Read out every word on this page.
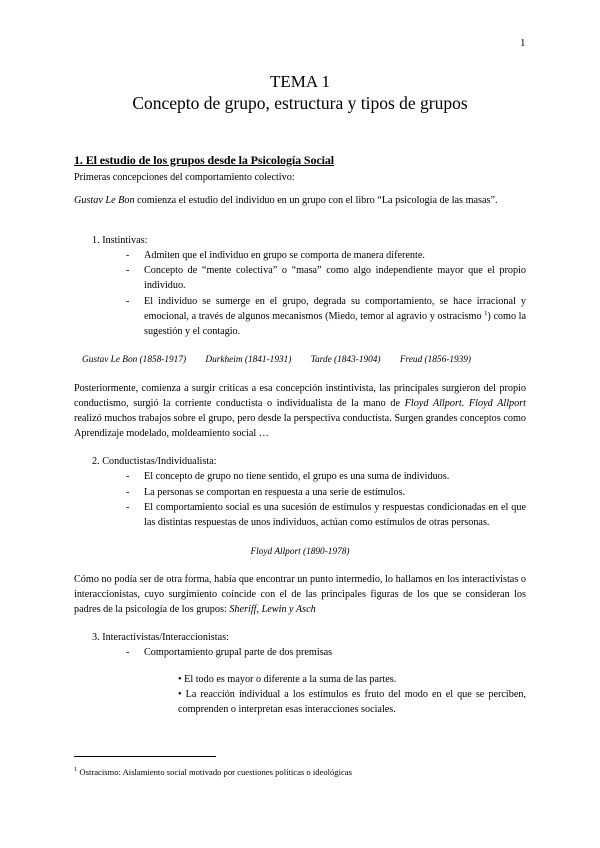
1
TEMA 1
Concepto de grupo, estructura y tipos de grupos
1. El estudio de los grupos desde la Psicología Social
Primeras concepciones del comportamiento colectivo:
Gustav Le Bon comienza el estudio del individuo en un grupo con el libro “La psicología de las masas”.
1. Instintivas:
- Admiten que el individuo en grupo se comporta de manera diferente.
- Concepto de “mente colectiva” o “masa” como algo independiente mayor que el propio individuo.
- El individuo se sumerge en el grupo, degrada su comportamiento, se hace irracional y emocional, a través de algunos mecanismos (Miedo, temor al agravio y ostracismo $^1$) como la sugestión y el contagio.
Gustav Le Bon (1858-1917) Durkheim (1841-1931) Tarde (1843-1904) Freud (1856-1939)
Posteriormente, comienza a surgir críticas a esa concepción instintivista, las principales surgieron del propio conductismo, surgió la corriente conductista o individualista de la mano de Floyd Allport. Floyd Allport realizó muchos trabajos sobre el grupo, pero desde la perspectiva conductista. Surgen grandes conceptos como Aprendizaje modelado, moldeamiento social …
2. Conductistas/Individualista:
- El concepto de grupo no tiene sentido, el grupo es una suma de individuos.
- La personas se comportan en respuesta a una serie de estímulos.
- El comportamiento social es una sucesión de estímulos y respuestas condicionadas en el que las distintas respuestas de unos individuos, actúan como estímulos de otras personas.
Floyd Allport (1890-1978)
Cómo no podía ser de otra forma, había que encontrar un punto intermedio, lo hallamos en los interactivistas o interaccionistas, cuyo surgimiento coincide con el de las principales figuras de los que se consideran los padres de la psicología de los grupos: Sheriff, Lewin y Asch
3. Interactivistas/Interaccionistas:
- Comportamiento grupal parte de dos premisas
• El todo es mayor o diferente a la suma de las partes.
• La reacción individual a los estímulos es fruto del modo en el que se perciben, comprenden o interpretan esas interacciones sociales.
$^1$ Ostracismo: Aislamiento social motivado por cuestiones políticas o ideológicas
